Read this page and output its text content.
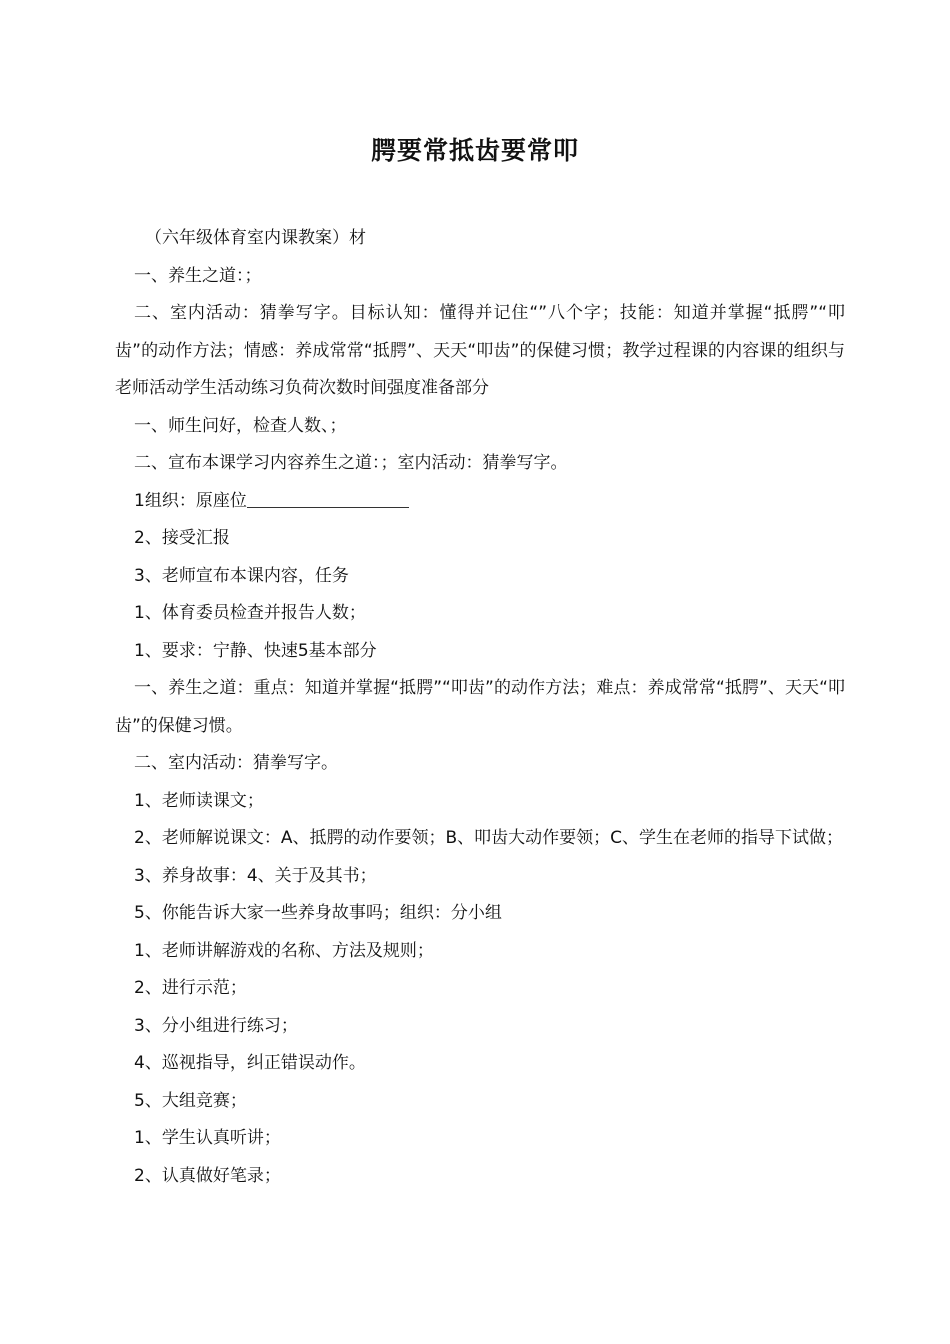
腭要常抵齿要常叩

（六年级体育室内课教案）材

一、养生之道：；

二、室内活动：猜拳写字。目标认知：懂得并记住“”八个字；技能：知道并掌握“抵腭”“叩齿”的动作方法；情感：养成常常“抵腭”、天天“叩齿”的保健习惯；教学过程课的内容课的组织与老师活动学生活动练习负荷次数时间强度准备部分

一、师生问好，检查人数、；

二、宣布本课学习内容养生之道：；室内活动：猜拳写字。

1组织：原座位

2、接受汇报

3、老师宣布本课内容，任务

1、体育委员检查并报告人数；

1、要求：宁静、快速5基本部分

一、养生之道：重点：知道并掌握“抵腭”“叩齿”的动作方法；难点：养成常常“抵腭”、天天“叩齿”的保健习惯。

二、室内活动：猜拳写字。

1、老师读课文；

2、老师解说课文：A、抵腭的动作要领；B、叩齿大动作要领；C、学生在老师的指导下试做；

3、养身故事：4、关于及其书；

5、你能告诉大家一些养身故事吗；组织：分小组

1、老师讲解游戏的名称、方法及规则；

2、进行示范；

3、分小组进行练习；

4、巡视指导，纠正错误动作。

5、大组竞赛；

1、学生认真听讲；

2、认真做好笔录；
